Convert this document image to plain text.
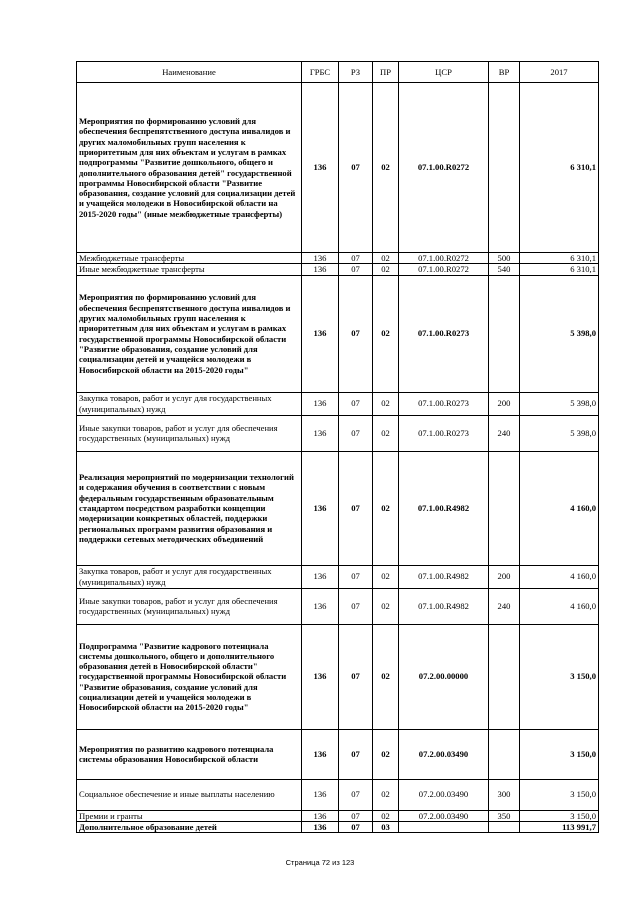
Наименование	ГРБС	РЗ	ПР	ЦСР	ВР	2017
Мероприятия по формированию условий для обеспечения беспрепятственного доступа инвалидов и других маломобильных групп населения к приоритетным для них объектам и услугам в рамках подпрограммы "Развитие дошкольного, общего и дополнительного образования детей" государственной программы Новосибирской области "Развитие образования, создание условий для социализации детей и учащейся молодежи в Новосибирской области на 2015-2020 годы" (иные межбюджетные трансферты)	136	07	02	07.1.00.R0272		6 310,1
Межбюджетные трансферты	136	07	02	07.1.00.R0272	500	6 310,1
Иные межбюджетные трансферты	136	07	02	07.1.00.R0272	540	6 310,1
Мероприятия по формированию условий для обеспечения беспрепятственного доступа инвалидов и других маломобильных групп населения к приоритетным для них объектам и услугам в рамках государственной программы Новосибирской области "Развитие образования, создание условий для социализации детей и учащейся молодежи в Новосибирской области на 2015-2020 годы"	136	07	02	07.1.00.R0273		5 398,0
Закупка товаров, работ и услуг для государственных (муниципальных) нужд	136	07	02	07.1.00.R0273	200	5 398,0
Иные закупки товаров, работ и услуг для обеспечения государственных (муниципальных) нужд	136	07	02	07.1.00.R0273	240	5 398,0
Реализация мероприятий по модернизации технологий и содержания обучения в соответствии с новым федеральным государственным образовательным стандартом посредством разработки концепции модернизации конкретных областей, поддержки региональных программ развития образования и поддержки сетевых методических объединений	136	07	02	07.1.00.R4982		4 160,0
Закупка товаров, работ и услуг для государственных (муниципальных) нужд	136	07	02	07.1.00.R4982	200	4 160,0
Иные закупки товаров, работ и услуг для обеспечения государственных (муниципальных) нужд	136	07	02	07.1.00.R4982	240	4 160,0
Подпрограмма "Развитие кадрового потенциала системы дошкольного, общего и дополнительного образования детей в Новосибирской области" государственной программы Новосибирской области "Развитие образования, создание условий для социализации детей и учащейся молодежи в Новосибирской области на 2015-2020 годы"	136	07	02	07.2.00.00000		3 150,0
Мероприятия по развитию кадрового потенциала системы образования Новосибирской области	136	07	02	07.2.00.03490		3 150,0
Социальное обеспечение и иные выплаты населению	136	07	02	07.2.00.03490	300	3 150,0
Премии и гранты	136	07	02	07.2.00.03490	350	3 150,0
Дополнительное образование детей	136	07	03			113 991,7
Страница 72 из 123
